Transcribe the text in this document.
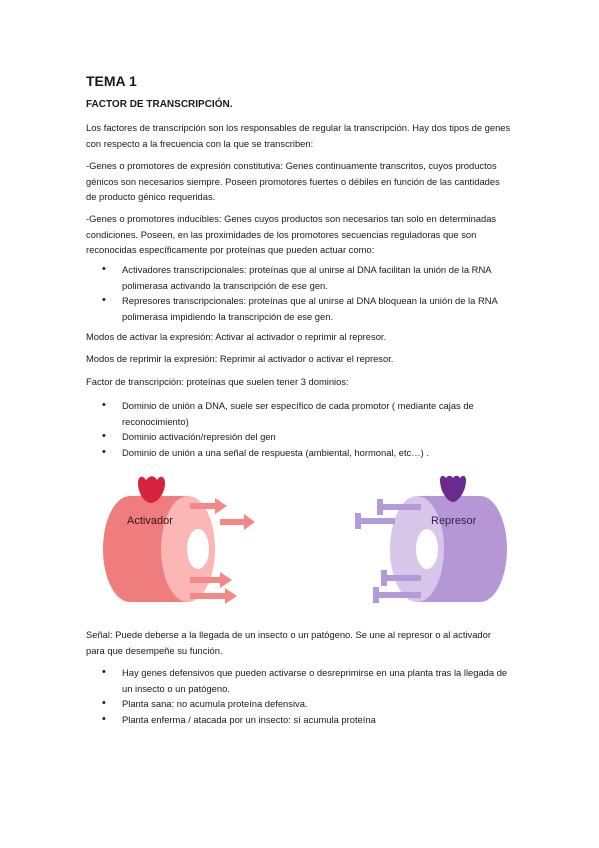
TEMA 1
FACTOR DE TRANSCRIPCIÓN.

Los factores de transcripción son los responsables de regular la transcripción. Hay dos tipos de genes con respecto a la frecuencia con la que se transcriben:

-Genes o promotores de expresión constitutiva: Genes continuamente transcritos, cuyos productos génicos son necesarios siempre. Poseen promotores fuertes o débiles en función de las cantidades de producto génico requeridas.

-Genes o promotores inducibles: Genes cuyos productos son necesarios tan solo en determinadas condiciones. Poseen, en las proximidades de los promotores secuencias reguladoras que son reconocidas específicamente por proteínas que pueden actuar como:

• Activadores transcripcionales: proteínas que al unirse al DNA facilitan la unión de la RNA polimerasa activando la transcripción de ese gen.
• Represores transcripcionales: proteínas que al unirse al DNA bloquean la unión de la RNA polimerasa impidiendo la transcripción de ese gen.

Modos de activar la expresión: Activar al activador o reprimir al represor.

Modos de reprimir la expresión: Reprimir al activador o activar el represor.

Factor de transcripción: proteínas que suelen tener 3 dominios:

• Dominio de unión a DNA, suele ser específico de cada promotor ( mediante cajas de reconocimiento)
• Dominio activación/represión del gen
• Dominio de unión a una señal de respuesta (ambiental, hormonal, etc…) .
Activador	Represor

Señal: Puede deberse a la llegada de un insecto o un patógeno. Se une al represor o al activador para que desempeñe su función.

• Hay genes defensivos que pueden activarse o desreprimirse en una planta tras la llegada de un insecto o un patógeno.
• Planta sana: no acumula proteína defensiva.
• Planta enferma / atacada por un insecto: sí acumula proteína
